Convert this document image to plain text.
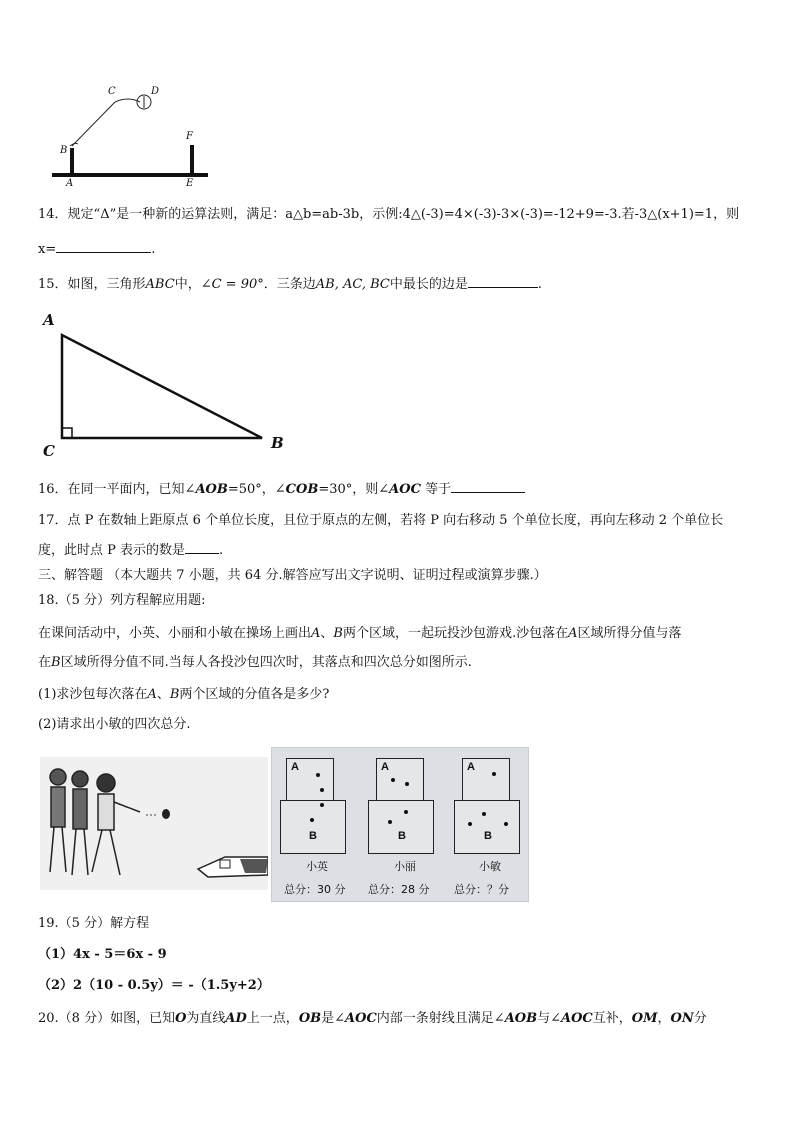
C	D
B
F
A	E
14．规定“Δ”是一种新的运算法则，满足：a△b=ab-3b，示例:4△(-3)=4×(-3)-3×(-3)=-12+9=-3.若-3△(x+1)=1，则
x=	.
15．如图，三角形ABC中，∠C = 90°．三条边AB, AC, BC中最长的边是	.
A
C	B
16．在同一平面内，已知∠AOB=50°，∠COB=30°，则∠AOC 等于
17．点 P 在数轴上距原点 6 个单位长度，且位于原点的左侧，若将 P 向右移动 5 个单位长度，再向左移动 2 个单位长
度，此时点 P 表示的数是	.
三、解答题 （本大题共 7 小题，共 64 分.解答应写出文字说明、证明过程或演算步骤.）
18.（5 分）列方程解应用题:
在课间活动中，小英、小丽和小敏在操场上画出A、B两个区域，一起玩投沙包游戏.沙包落在A区域所得分值与落
在B区域所得分值不同.当每人各投沙包四次时，其落点和四次总分如图所示.
(1)求沙包每次落在A、B两个区域的分值各是多少?
(2)请求出小敏的四次总分.
A
B
小英
总分：30 分
A
B
小丽
总分：28 分
A
B
小敏
总分：？分
19.（5 分）解方程
（1）4x - 5＝6x - 9
（2）2（10 - 0.5y）＝ -（1.5y+2）
20.（8 分）如图，已知O为直线AD上一点，OB是∠AOC内部一条射线且满足∠AOB与∠AOC互补，OM，ON分
